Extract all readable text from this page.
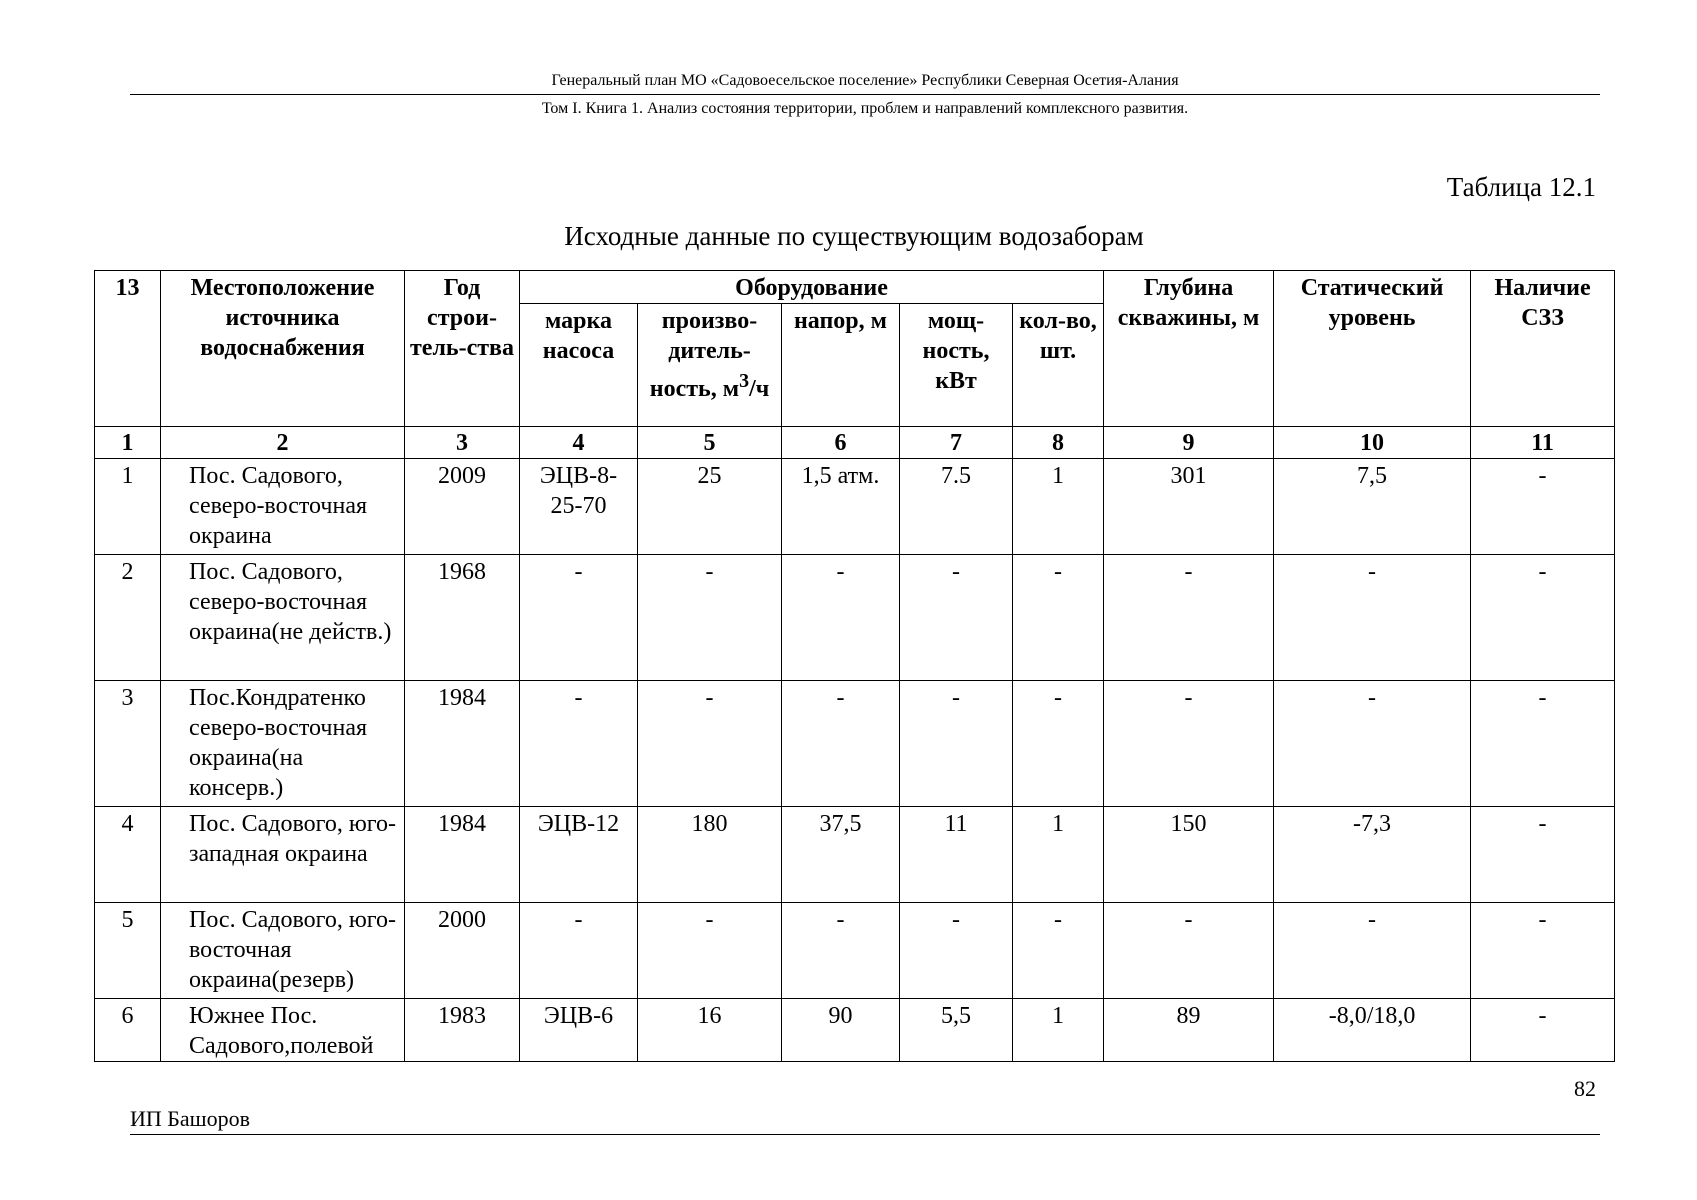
Генеральный план МО «Садовоесельское поселение» Республики Северная Осетия-Алания
Том I. Книга 1. Анализ состояния территории, проблем и направлений комплексного развития.
Таблица 12.1
Исходные данные по существующим водозаборам
13	Местоположение источника водоснабжения	Год строи-тель-ства	Оборудование					Глубина скважины, м	Статический уровень	Наличие СЗЗ
			марка насоса	произво-дитель-ность, $м^3/ч$	напор, м	мощ-ность, кВт	кол-во, шт.			
1	2	3	4	5	6	7	8	9	10	11
1	Пос. Садового, северо-восточная окраина	2009	ЭЦВ-8-25-70	25	1,5 атм.	7.5	1	301	7,5	-
2	Пос. Садового, северо-восточная окраина(не действ.)	1968	-	-	-	-	-	-	-	-
3	Пос.Кондратенко северо-восточная окраина(на консерв.)	1984	-	-	-	-	-	-	-	-
4	Пос. Садового, юго-западная окраина	1984	ЭЦВ-12	180	37,5	11	1	150	-7,3	-
5	Пос. Садового, юго-восточная окраина(резерв)	2000	-	-	-	-	-	-	-	-
6	Южнее Пос. Садового,полевой	1983	ЭЦВ-6	16	90	5,5	1	89	-8,0/18,0	-
82
ИП Башоров
